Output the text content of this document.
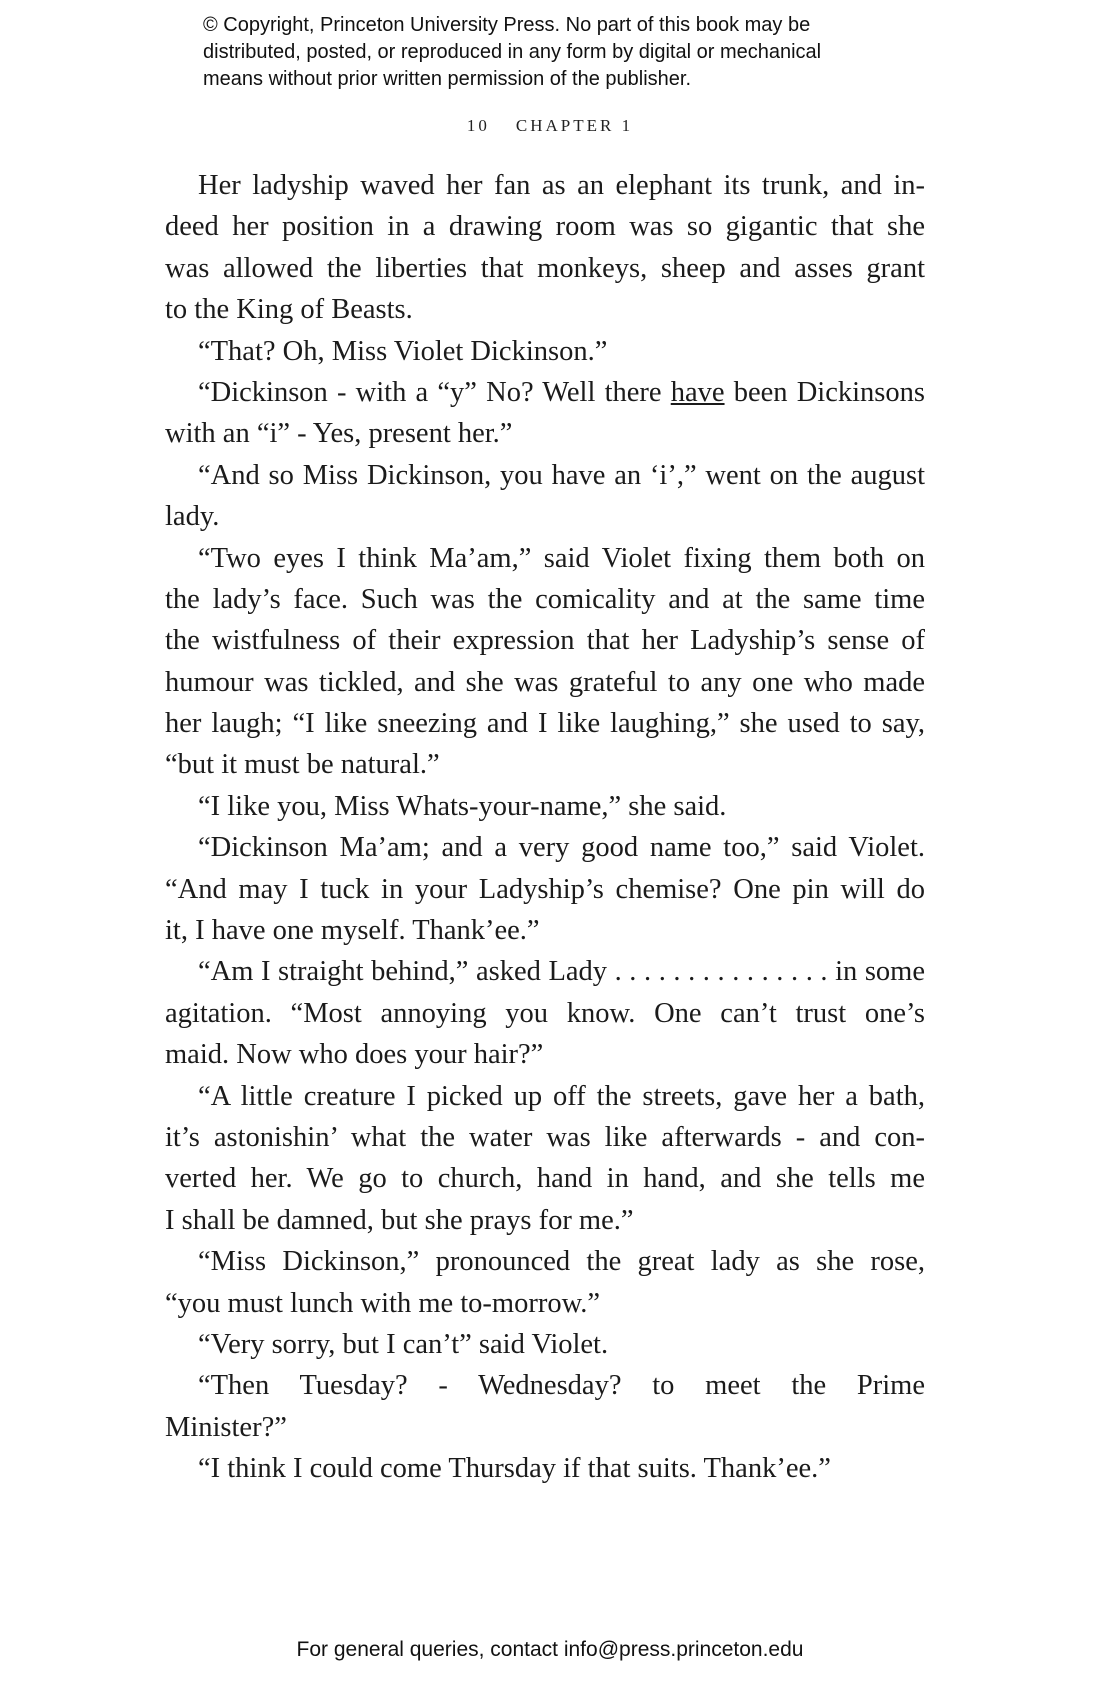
© Copyright, Princeton University Press. No part of this book may be
distributed, posted, or reproduced in any form by digital or mechanical
means without prior written permission of the publisher.
10 CHAPTER 1
Her ladyship waved her fan as an elephant its trunk, and in-
deed her position in a drawing room was so gigantic that she
was allowed the liberties that monkeys, sheep and asses grant
to the King of Beasts.
“That? Oh, Miss Violet Dickinson.”
“Dickinson - with a “y” No? Well there have been Dickinsons
with an “i” - Yes, present her.”
“And so Miss Dickinson, you have an ‘i’,” went on the august
lady.
“Two eyes I think Ma’am,” said Violet fixing them both on
the lady’s face. Such was the comicality and at the same time
the wistfulness of their expression that her Ladyship’s sense of
humour was tickled, and she was grateful to any one who made
her laugh; “I like sneezing and I like laughing,” she used to say,
“but it must be natural.”
“I like you, Miss Whats-your-name,” she said.
“Dickinson Ma’am; and a very good name too,” said Violet.
“And may I tuck in your Ladyship’s chemise? One pin will do
it, I have one myself. Thank’ee.”
“Am I straight behind,” asked Lady . . . . . . . . . . . . . . . in some
agitation. “Most annoying you know. One can’t trust one’s
maid. Now who does your hair?”
“A little creature I picked up off the streets, gave her a bath,
it’s astonishin’ what the water was like afterwards - and con-
verted her. We go to church, hand in hand, and she tells me
I shall be damned, but she prays for me.”
“Miss Dickinson,” pronounced the great lady as she rose,
“you must lunch with me to-morrow.”
“Very sorry, but I can’t” said Violet.
“Then Tuesday? - Wednesday? to meet the Prime
Minister?”
“I think I could come Thursday if that suits. Thank’ee.”
For general queries, contact info@press.princeton.edu
